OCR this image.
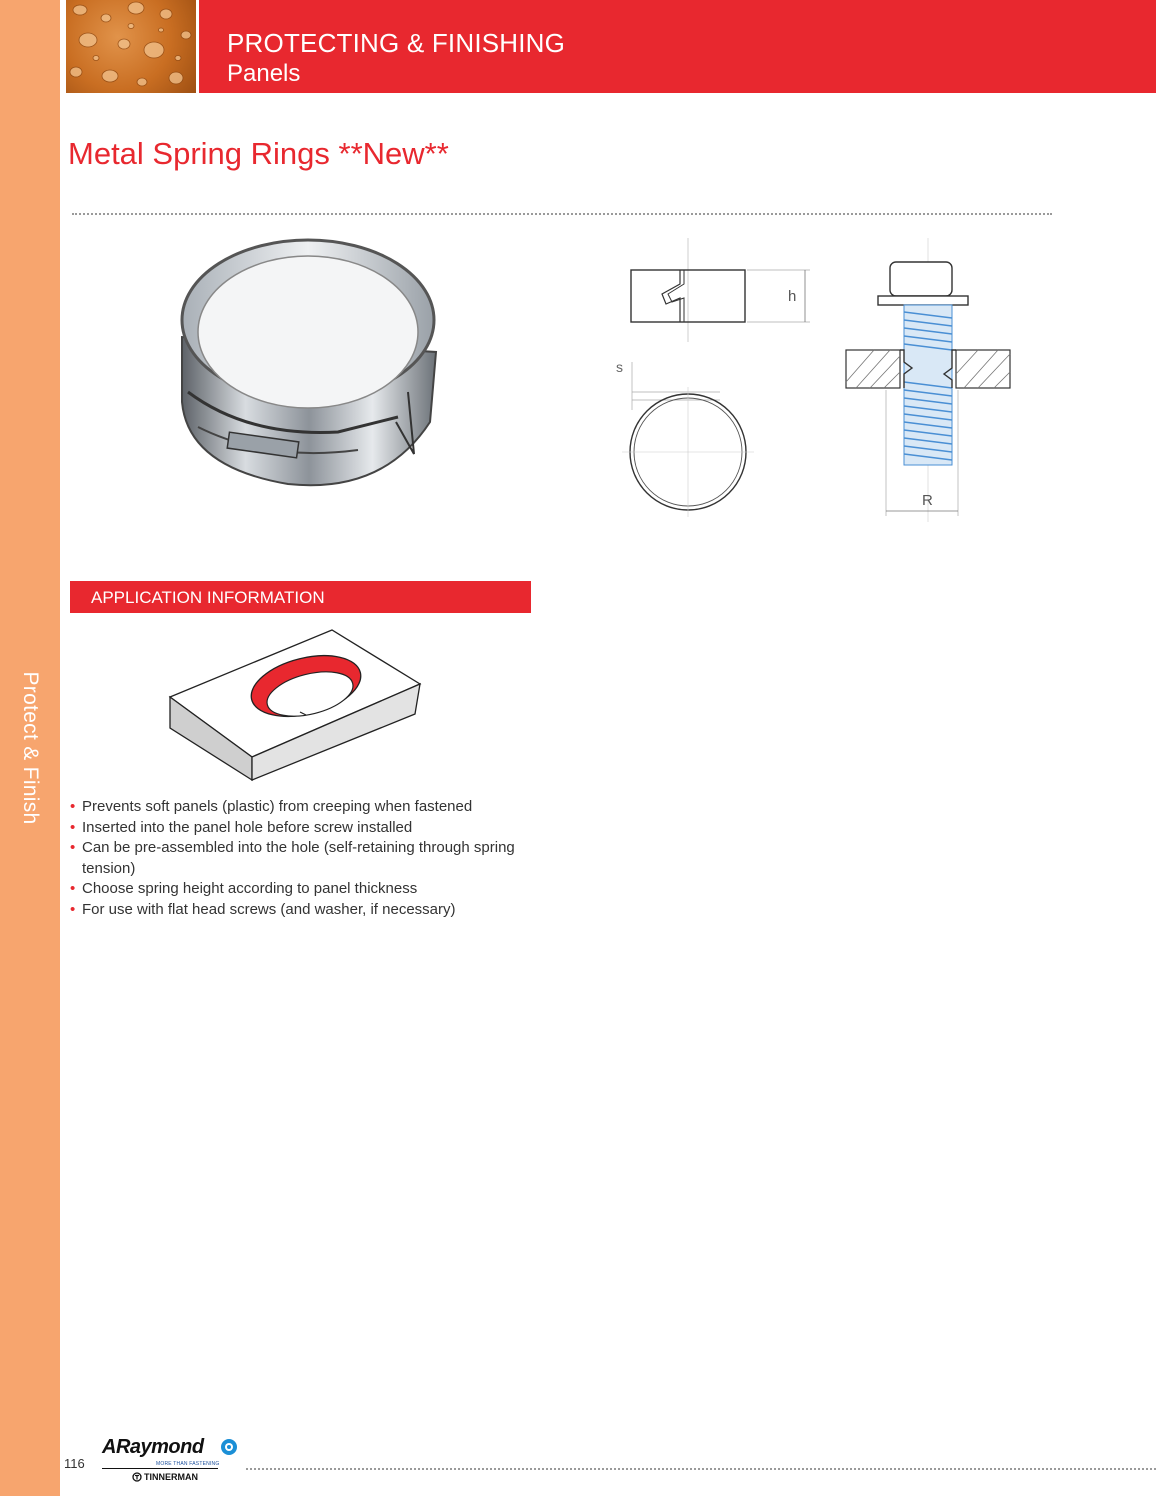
Protect & Finish
PROTECTING & FINISHING
Panels
Metal Spring Rings **New**
h
s
R
APPLICATION INFORMATION
• Prevents soft panels (plastic) from creeping when fastened
• Inserted into the panel hole before screw installed
• Can be pre-assembled into the hole (self-retaining through spring tension)
• Choose spring height according to panel thickness
• For use with flat head screws (and washer, if necessary)
116
ARaymond
MORE THAN FASTENING
TINNERMAN
